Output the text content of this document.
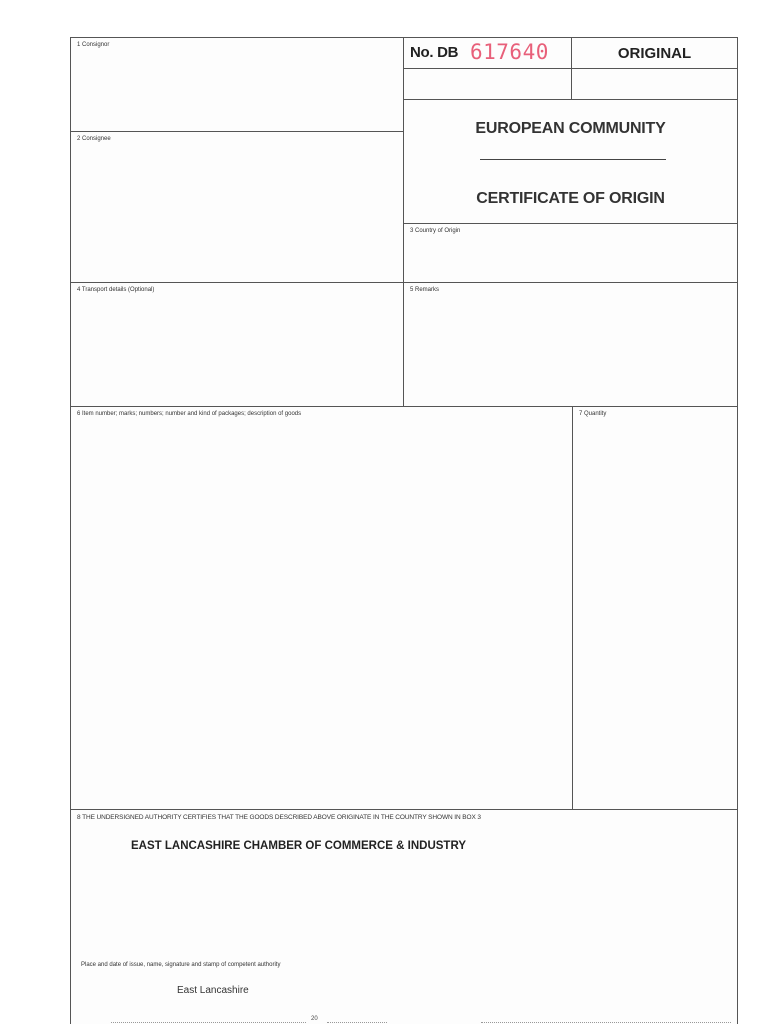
1 Consignor	No. DB 617640	ORIGINAL
2 Consignee
EUROPEAN COMMUNITY
CERTIFICATE OF ORIGIN
3 Country of Origin
4 Transport details (Optional)	5 Remarks
6 Item number; marks; numbers; number and kind of packages; description of goods	7 Quantity
8 THE UNDERSIGNED AUTHORITY CERTIFIES THAT THE GOODS DESCRIBED ABOVE ORIGINATE IN THE COUNTRY SHOWN IN BOX 3
EAST LANCASHIRE CHAMBER OF COMMERCE & INDUSTRY
Place and date of issue, name, signature and stamp of competent authority
East Lancashire
20
